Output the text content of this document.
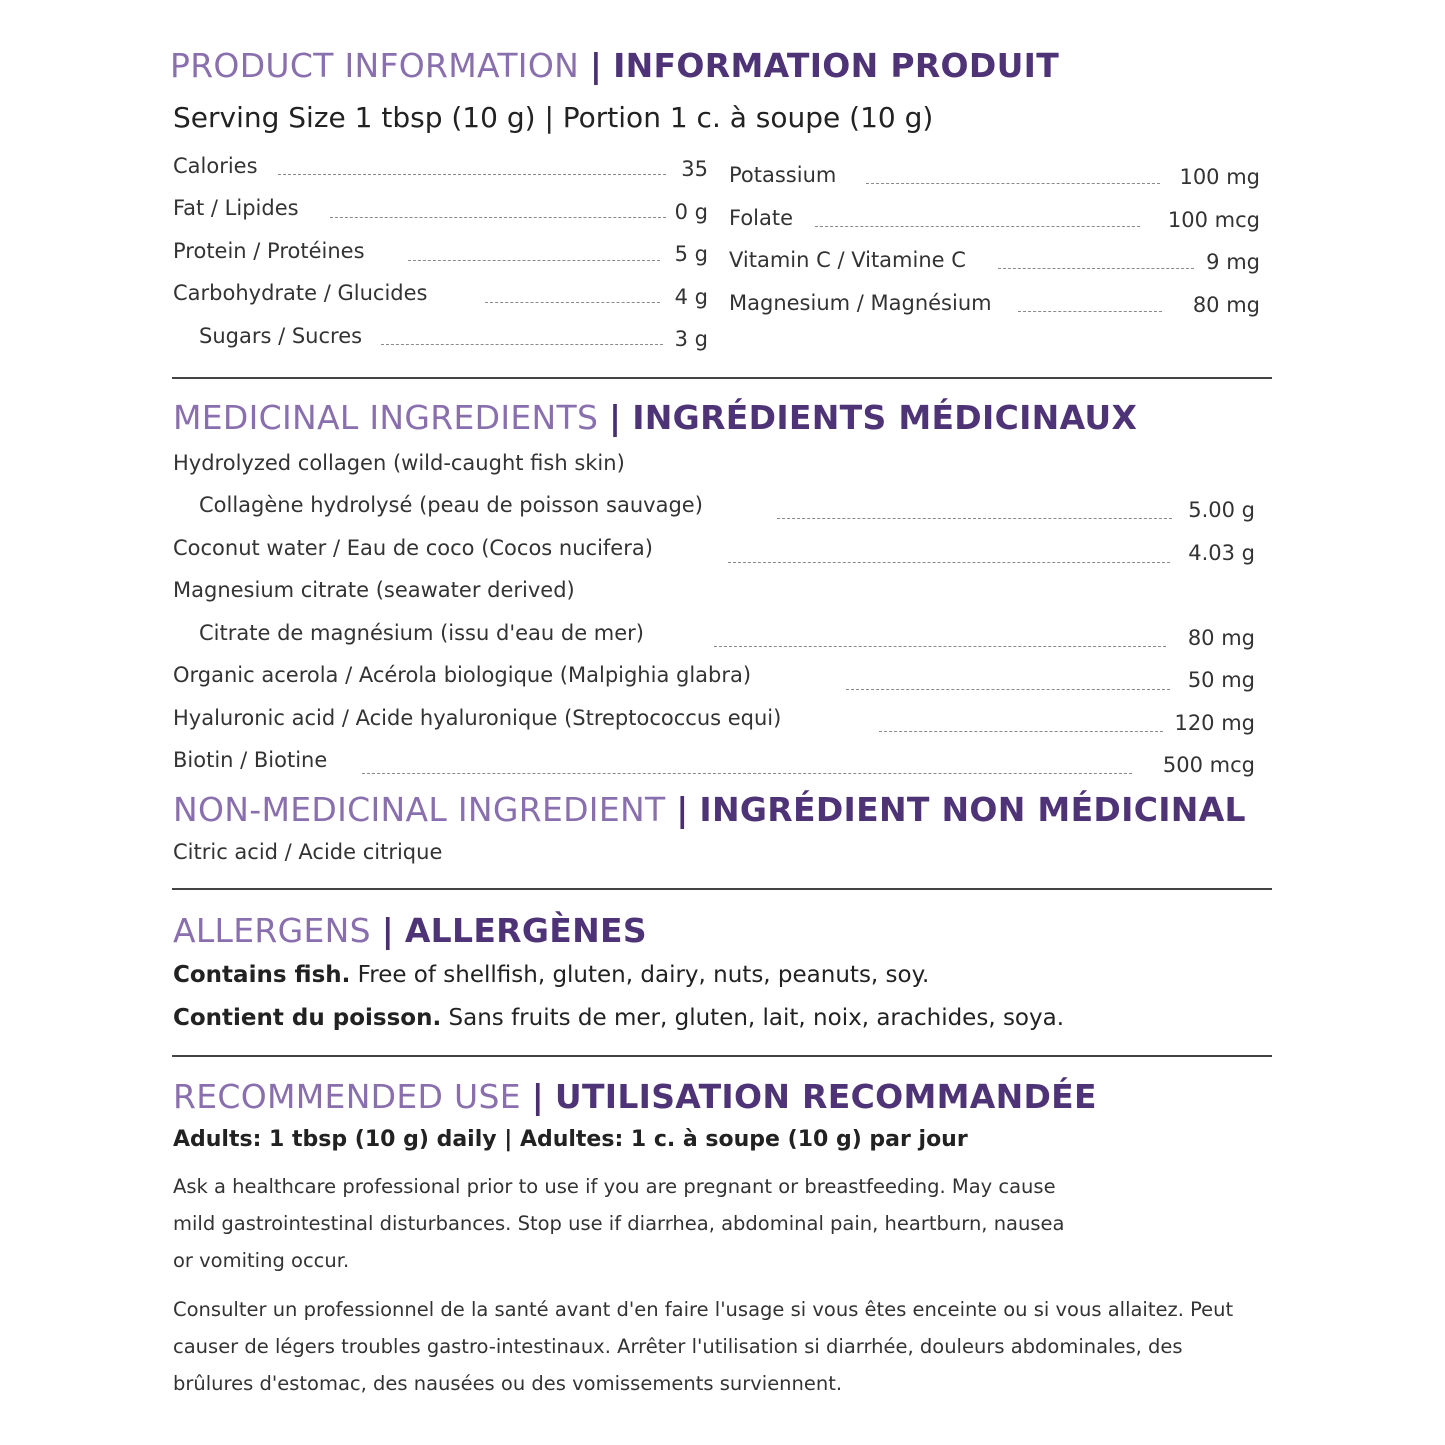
PRODUCT INFORMATION | INFORMATION PRODUIT
Serving Size 1 tbsp (10 g) | Portion 1 c. à soupe (10 g)
Calories	35
Fat / Lipides	0 g
Protein / Protéines	5 g
Carbohydrate / Glucides	4 g
Sugars / Sucres	3 g
Potassium	100 mg
Folate	100 mcg
Vitamin C / Vitamine C	9 mg
Magnesium / Magnésium	80 mg
MEDICINAL INGREDIENTS | INGRÉDIENTS MÉDICINAUX
Hydrolyzed collagen (wild-caught fish skin)
Collagène hydrolysé (peau de poisson sauvage)	5.00 g
Coconut water / Eau de coco (Cocos nucifera)	4.03 g
Magnesium citrate (seawater derived)
Citrate de magnésium (issu d'eau de mer)	80 mg
Organic acerola / Acérola biologique (Malpighia glabra)	50 mg
Hyaluronic acid / Acide hyaluronique (Streptococcus equi)	120 mg
Biotin / Biotine	500 mcg
NON-MEDICINAL INGREDIENT | INGRÉDIENT NON MÉDICINAL
Citric acid / Acide citrique
ALLERGENS | ALLERGÈNES
Contains fish. Free of shellfish, gluten, dairy, nuts, peanuts, soy.
Contient du poisson. Sans fruits de mer, gluten, lait, noix, arachides, soya.
RECOMMENDED USE | UTILISATION RECOMMANDÉE
Adults: 1 tbsp (10 g) daily | Adultes: 1 c. à soupe (10 g) par jour
Ask a healthcare professional prior to use if you are pregnant or breastfeeding. May cause mild gastrointestinal disturbances. Stop use if diarrhea, abdominal pain, heartburn, nausea or vomiting occur.
Consulter un professionnel de la santé avant d'en faire l'usage si vous êtes enceinte ou si vous allaitez. Peut causer de légers troubles gastro-intestinaux. Arrêter l'utilisation si diarrhée, douleurs abdominales, des brûlures d'estomac, des nausées ou des vomissements surviennent.
